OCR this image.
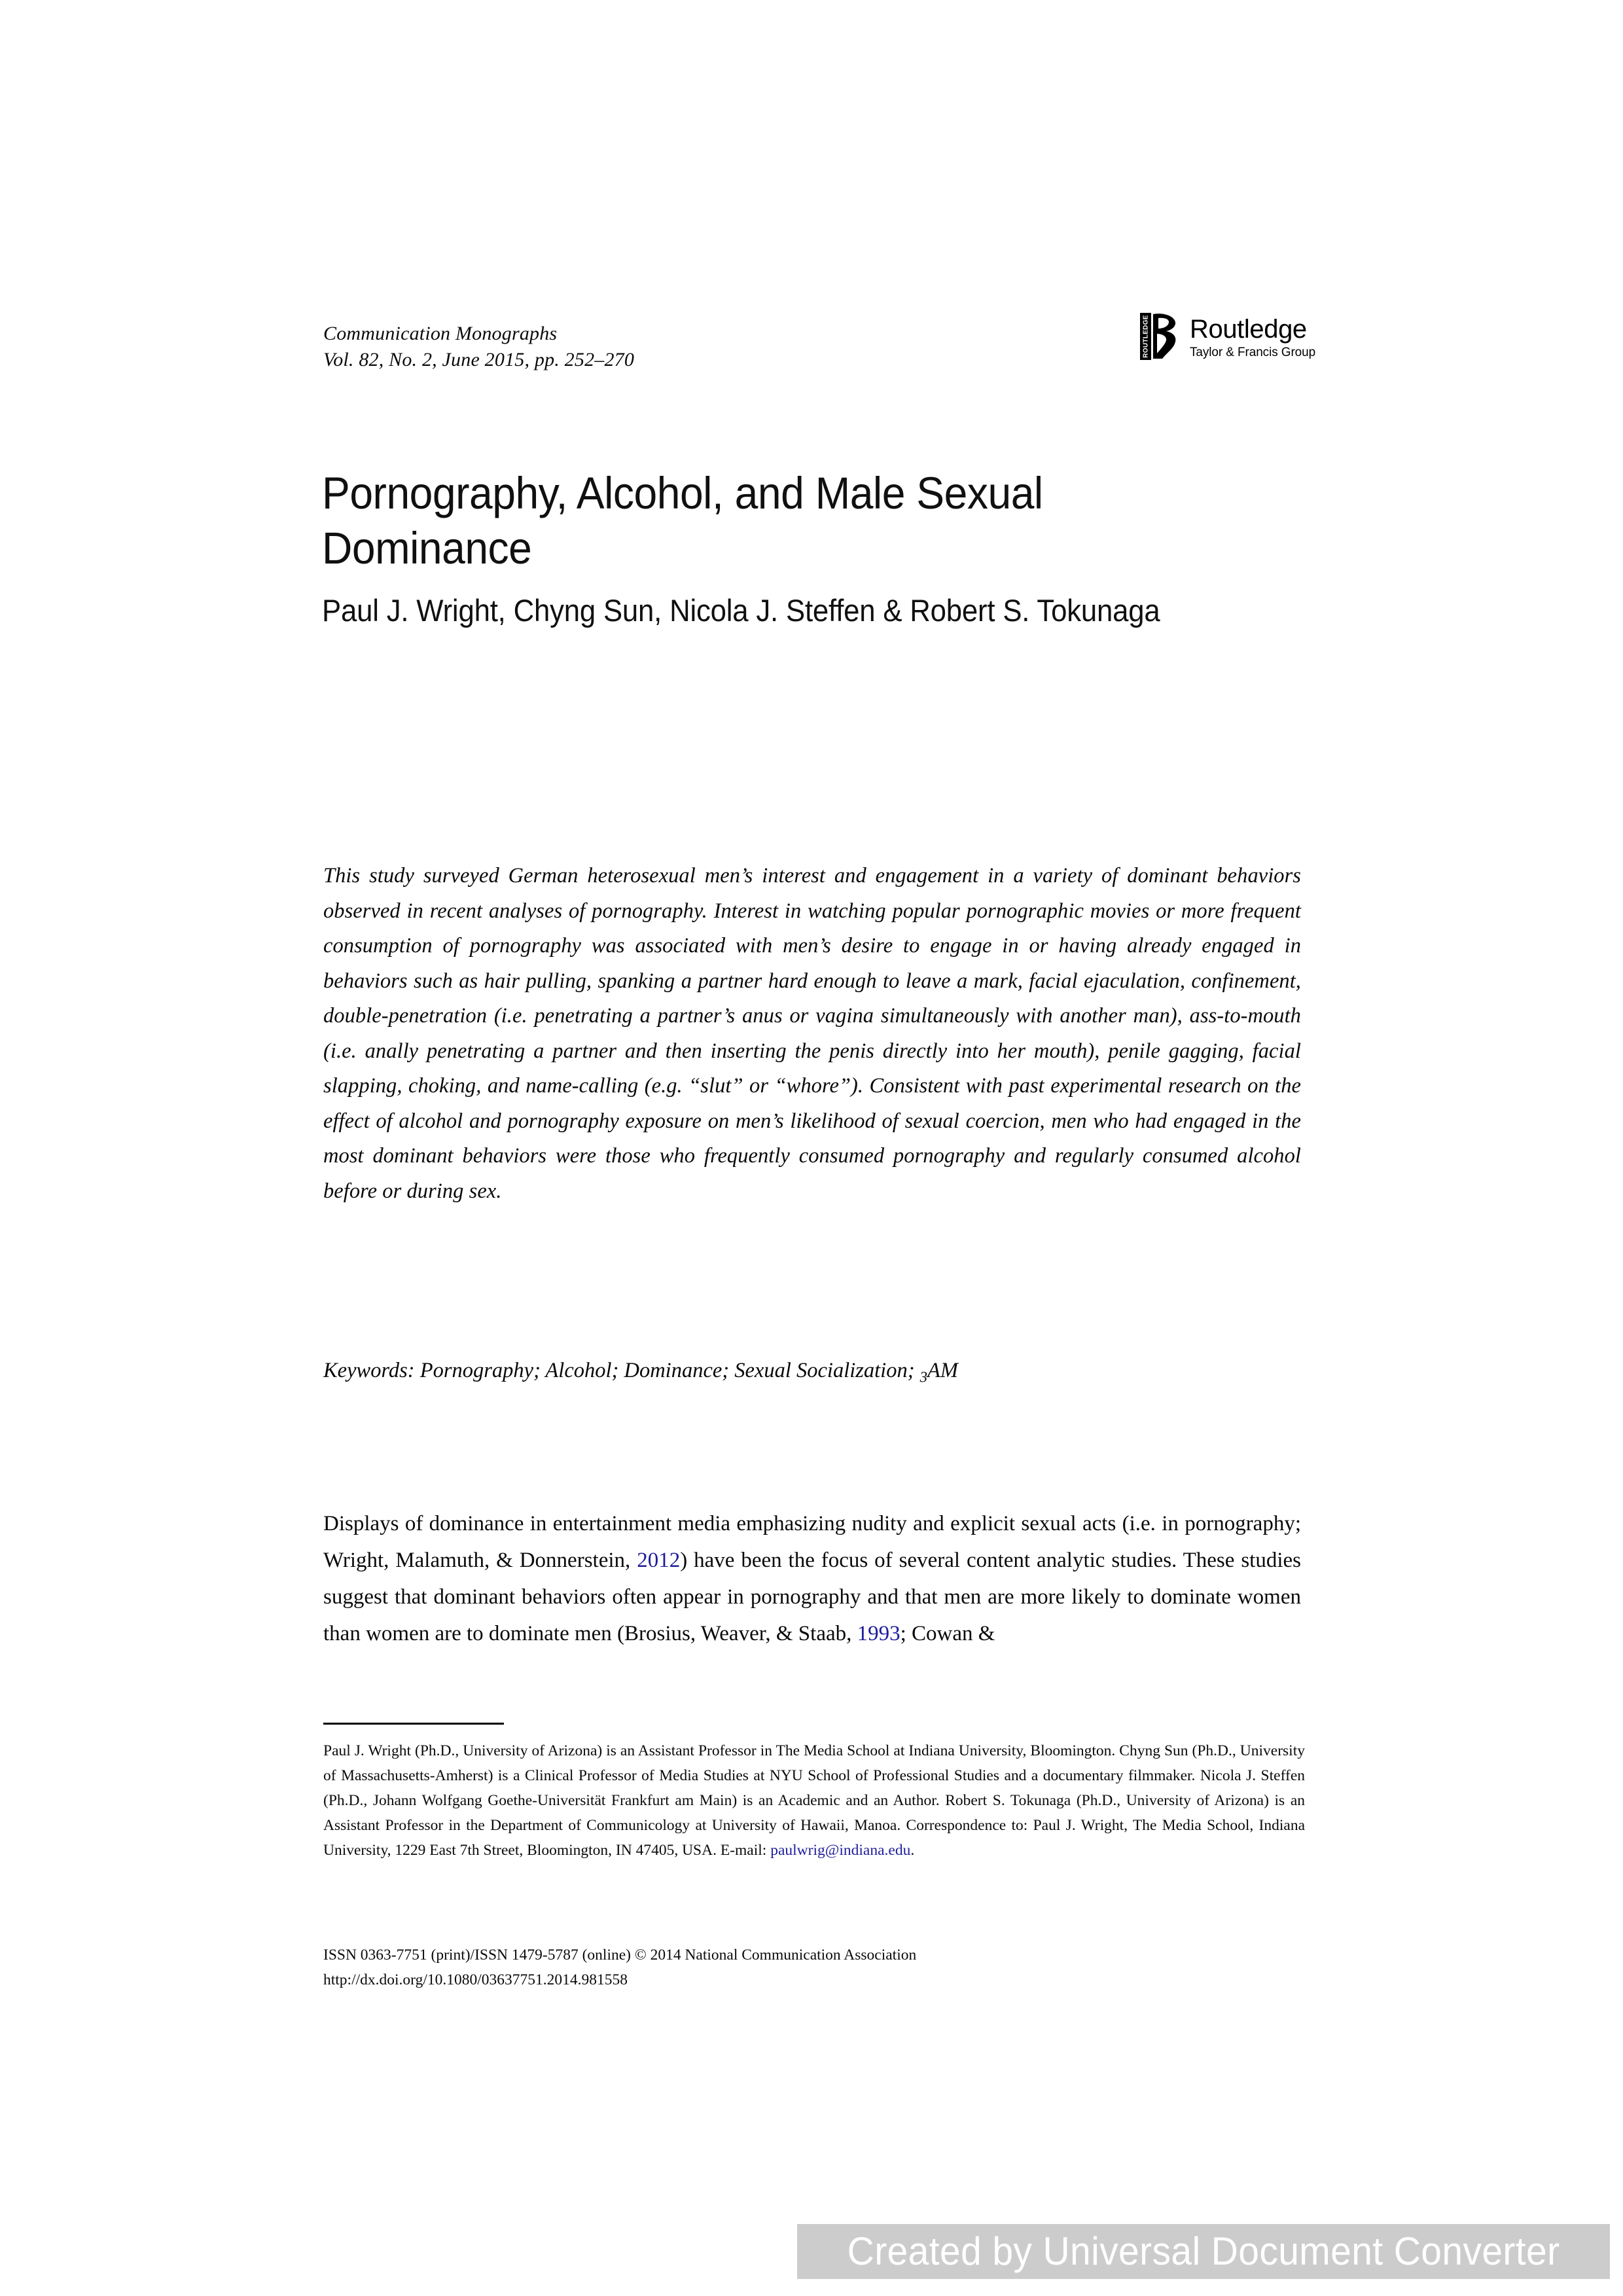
Communication Monographs
Vol. 82, No. 2, June 2015, pp. 252–270
ROUTLEDGE Routledge
Taylor & Francis Group
Pornography, Alcohol, and Male Sexual Dominance
Paul J. Wright, Chyng Sun, Nicola J. Steffen & Robert S. Tokunaga
This study surveyed German heterosexual men’s interest and engagement in a variety of dominant behaviors observed in recent analyses of pornography. Interest in watching popular pornographic movies or more frequent consumption of pornography was associated with men’s desire to engage in or having already engaged in behaviors such as hair pulling, spanking a partner hard enough to leave a mark, facial ejaculation, confinement, double-penetration (i.e. penetrating a partner’s anus or vagina simultaneously with another man), ass-to-mouth (i.e. anally penetrating a partner and then inserting the penis directly into her mouth), penile gagging, facial slapping, choking, and name-calling (e.g. “slut” or “whore”). Consistent with past experimental research on the effect of alcohol and pornography exposure on men’s likelihood of sexual coercion, men who had engaged in the most dominant behaviors were those who frequently consumed pornography and regularly consumed alcohol before or during sex.
Keywords: Pornography; Alcohol; Dominance; Sexual Socialization; $_3$AM
Displays of dominance in entertainment media emphasizing nudity and explicit sexual acts (i.e. in pornography; Wright, Malamuth, & Donnerstein, 2012) have been the focus of several content analytic studies. These studies suggest that dominant behaviors often appear in pornography and that men are more likely to dominate women than women are to dominate men (Brosius, Weaver, & Staab, 1993; Cowan &
Paul J. Wright (Ph.D., University of Arizona) is an Assistant Professor in The Media School at Indiana University, Bloomington. Chyng Sun (Ph.D., University of Massachusetts-Amherst) is a Clinical Professor of Media Studies at NYU School of Professional Studies and a documentary filmmaker. Nicola J. Steffen (Ph.D., Johann Wolfgang Goethe-Universität Frankfurt am Main) is an Academic and an Author. Robert S. Tokunaga (Ph.D., University of Arizona) is an Assistant Professor in the Department of Communicology at University of Hawaii, Manoa. Correspondence to: Paul J. Wright, The Media School, Indiana University, 1229 East 7th Street, Bloomington, IN 47405, USA. E-mail: paulwrig@indiana.edu.
ISSN 0363-7751 (print)/ISSN 1479-5787 (online) © 2014 National Communication Association
http://dx.doi.org/10.1080/03637751.2014.981558
Created by Universal Document Converter
